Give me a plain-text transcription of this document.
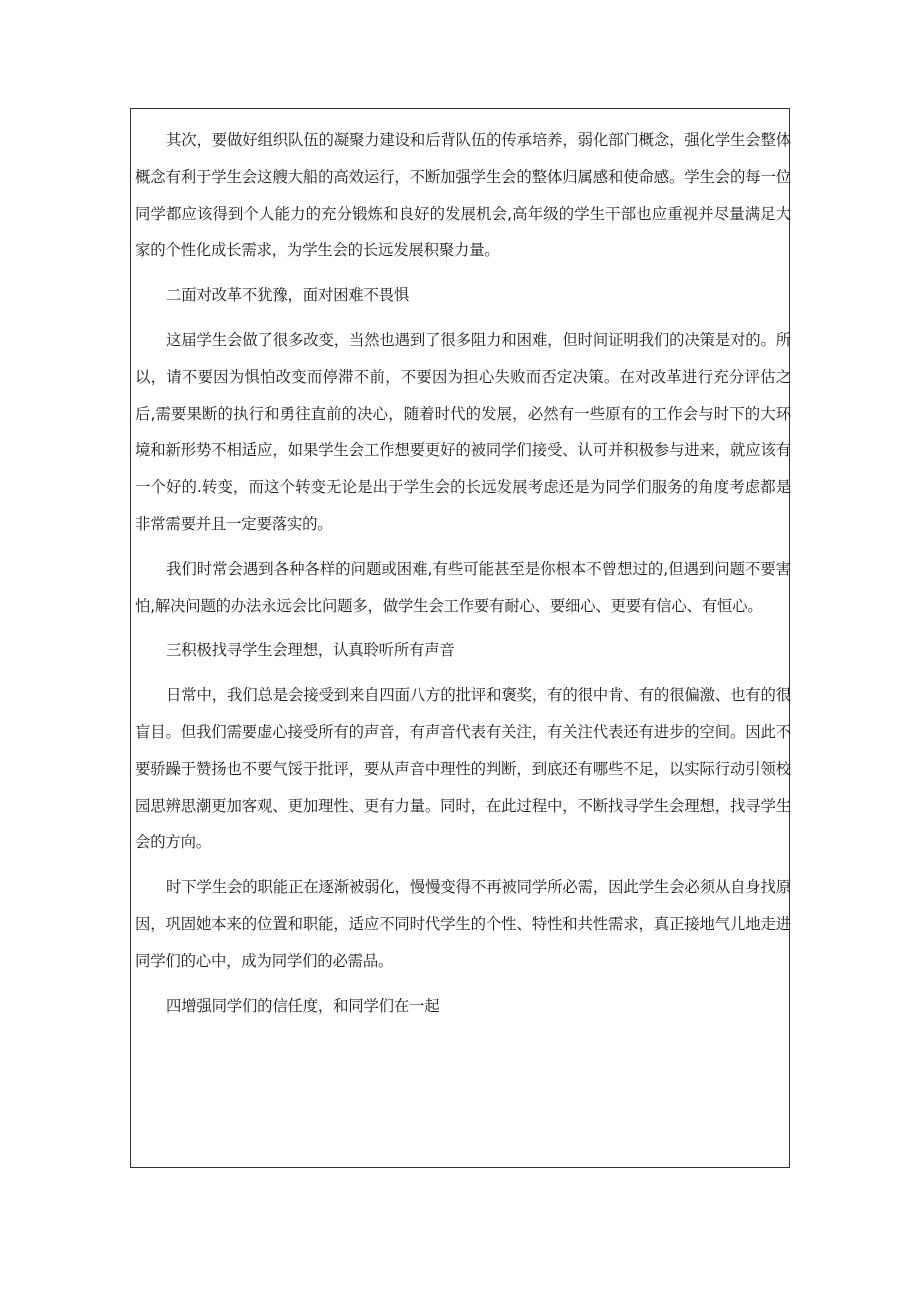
其次，要做好组织队伍的凝聚力建设和后背队伍的传承培养，弱化部门概念，强化学生会整体概念有利于学生会这艘大船的高效运行，不断加强学生会的整体归属感和使命感。学生会的每一位同学都应该得到个人能力的充分锻炼和良好的发展机会,高年级的学生干部也应重视并尽量满足大家的个性化成长需求，为学生会的长远发展积聚力量。

二面对改革不犹豫，面对困难不畏惧

这届学生会做了很多改变，当然也遇到了很多阻力和困难，但时间证明我们的决策是对的。所以，请不要因为惧怕改变而停滞不前，不要因为担心失败而否定决策。在对改革进行充分评估之后,需要果断的执行和勇往直前的决心，随着时代的发展，必然有一些原有的工作会与时下的大环境和新形势不相适应，如果学生会工作想要更好的被同学们接受、认可并积极参与进来，就应该有一个好的.转变，而这个转变无论是出于学生会的长远发展考虑还是为同学们服务的角度考虑都是非常需要并且一定要落实的。

我们时常会遇到各种各样的问题或困难,有些可能甚至是你根本不曾想过的,但遇到问题不要害怕,解决问题的办法永远会比问题多，做学生会工作要有耐心、要细心、更要有信心、有恒心。

三积极找寻学生会理想，认真聆听所有声音

日常中，我们总是会接受到来自四面八方的批评和褒奖，有的很中肯、有的很偏激、也有的很盲目。但我们需要虚心接受所有的声音，有声音代表有关注，有关注代表还有进步的空间。因此不要骄躁于赞扬也不要气馁于批评，要从声音中理性的判断，到底还有哪些不足，以实际行动引领校园思辨思潮更加客观、更加理性、更有力量。同时，在此过程中，不断找寻学生会理想，找寻学生会的方向。

时下学生会的职能正在逐渐被弱化，慢慢变得不再被同学所必需，因此学生会必须从自身找原因，巩固她本来的位置和职能，适应不同时代学生的个性、特性和共性需求，真正接地气儿地走进同学们的心中，成为同学们的必需品。

四增强同学们的信任度，和同学们在一起
